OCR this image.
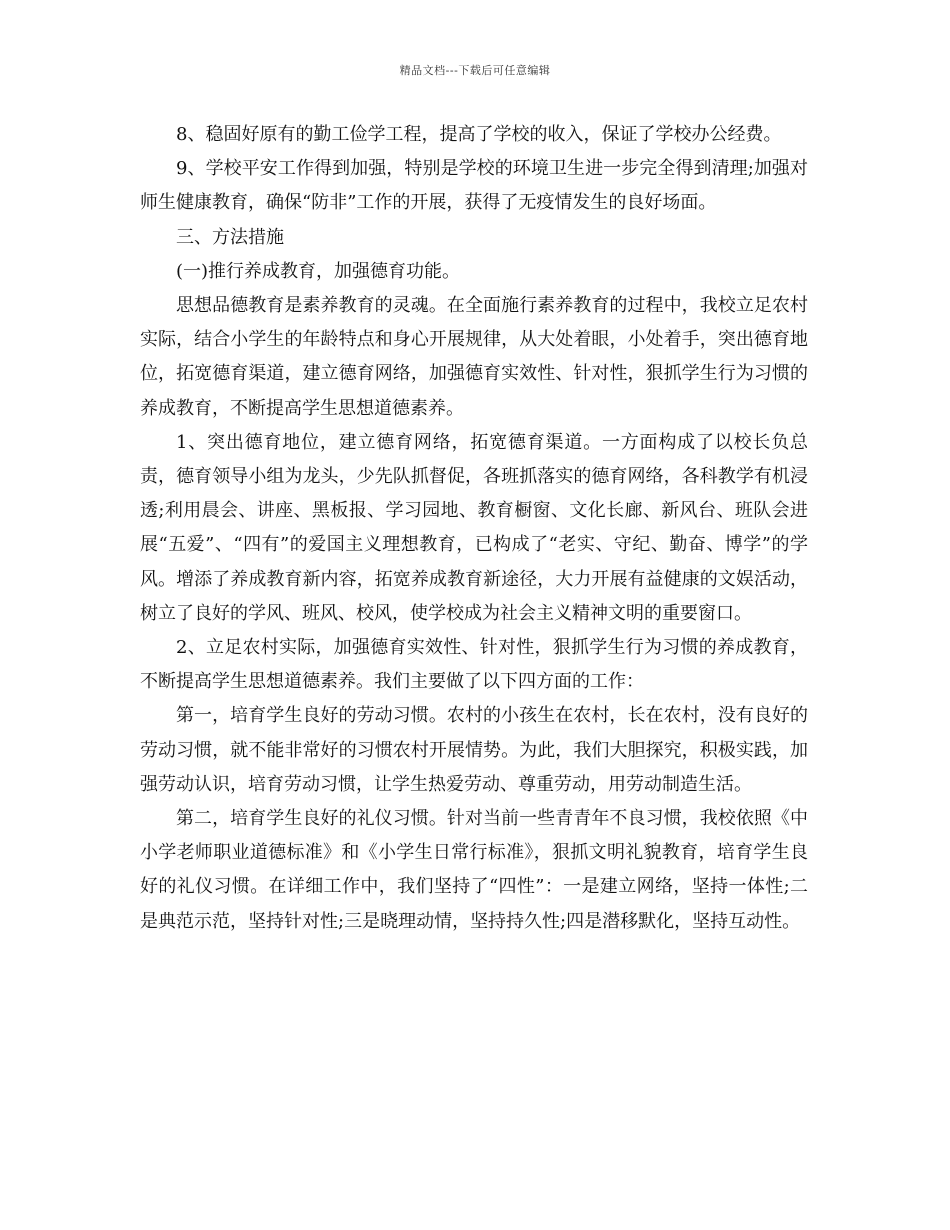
精品文档---下载后可任意编辑

8、稳固好原有的勤工俭学工程，提高了学校的收入，保证了学校办公经费。

9、学校平安工作得到加强，特别是学校的环境卫生进一步完全得到清理;加强对师生健康教育，确保“防非”工作的开展，获得了无疫情发生的良好场面。

三、方法措施

(一)推行养成教育，加强德育功能。

思想品德教育是素养教育的灵魂。在全面施行素养教育的过程中，我校立足农村实际，结合小学生的年龄特点和身心开展规律，从大处着眼，小处着手，突出德育地位，拓宽德育渠道，建立德育网络，加强德育实效性、针对性，狠抓学生行为习惯的养成教育，不断提高学生思想道德素养。

1、突出德育地位，建立德育网络，拓宽德育渠道。一方面构成了以校长负总责，德育领导小组为龙头，少先队抓督促，各班抓落实的德育网络，各科教学有机浸透;利用晨会、讲座、黑板报、学习园地、教育橱窗、文化长廊、新风台、班队会进展“五爱”、“四有”的爱国主义理想教育，已构成了“老实、守纪、勤奋、博学”的学风。增添了养成教育新内容，拓宽养成教育新途径，大力开展有益健康的文娱活动，树立了良好的学风、班风、校风，使学校成为社会主义精神文明的重要窗口。

2、立足农村实际，加强德育实效性、针对性，狠抓学生行为习惯的养成教育，不断提高学生思想道德素养。我们主要做了以下四方面的工作：

第一，培育学生良好的劳动习惯。农村的小孩生在农村，长在农村，没有良好的劳动习惯，就不能非常好的习惯农村开展情势。为此，我们大胆探究，积极实践，加强劳动认识，培育劳动习惯，让学生热爱劳动、尊重劳动，用劳动制造生活。

第二，培育学生良好的礼仪习惯。针对当前一些青青年不良习惯，我校依照《中小学老师职业道德标准》和《小学生日常行标准》，狠抓文明礼貌教育，培育学生良好的礼仪习惯。在详细工作中，我们坚持了“四性”：一是建立网络，坚持一体性;二是典范示范，坚持针对性;三是晓理动情，坚持持久性;四是潜移默化，坚持互动性。
